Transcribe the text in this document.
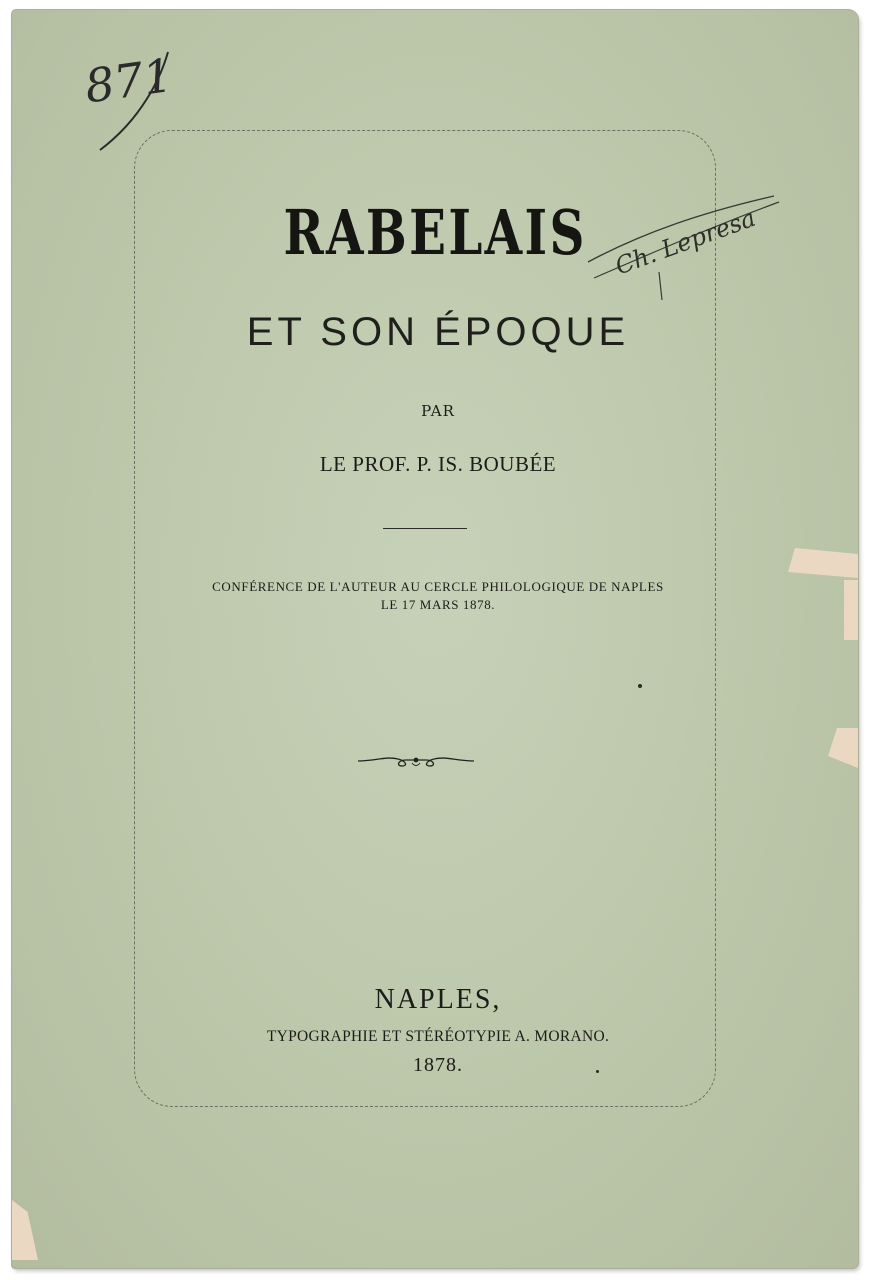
871
Ch. Lepresa
RABELAIS
ET SON ÉPOQUE
PAR
LE PROF. P. IS. BOUBÉE
CONFÉRENCE DE L'AUTEUR AU CERCLE PHILOLOGIQUE DE NAPLES
LE 17 MARS 1878.
NAPLES,
TYPOGRAPHIE ET STÉRÉOTYPIE A. MORANO.
1878.
